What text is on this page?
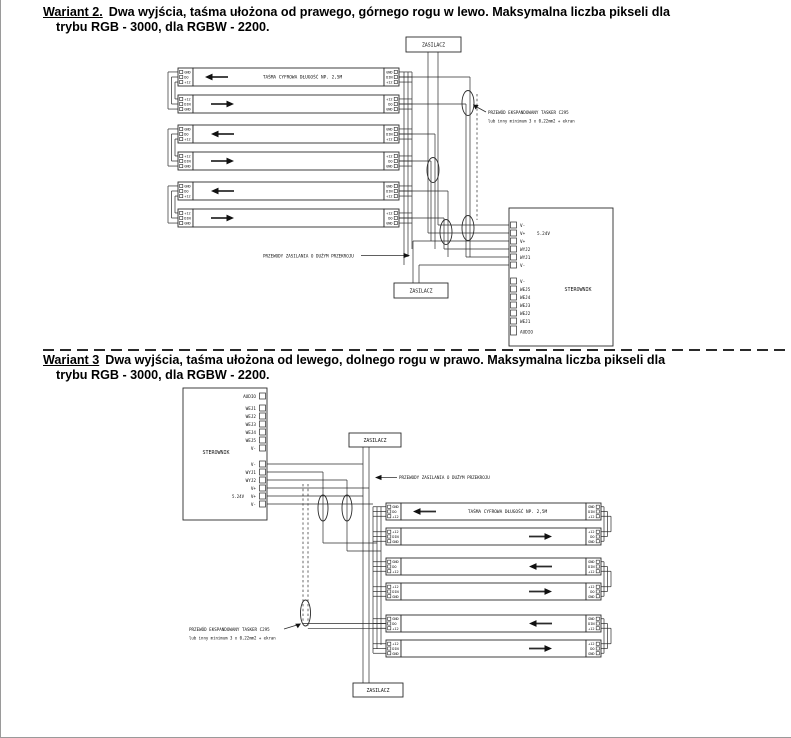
Wariant 2. Dwa wyjścia, taśma ułożona od prawego, górnego rogu w lewo. Maksymalna liczba pikseli dla
trybu RGB - 3000, dla RGBW - 2200.
PRZEWÓD EKSPANDOWANY TASKER C295
lub inny minimum 3 x 0,22mm2 + ekran
PRZEWODY ZASILANIA O DUŻYM PRZEKROJU
ZASILACZ
GND	GND
DO	DIN
+12	+12
TAŚMA CYFROWA DŁUGOŚĆ NP. 2,5M
+12	+12
DIN	DO
GND	GND
GND	GND
DO	DIN
+12	+12
+12	+12
DIN	DO
GND	GND
GND	GND
DO	DIN
+12	+12
+12	+12
DIN	DO
GND	GND
ZASILACZ	STEROWNIK
V-
V+	5.24V
V+
WYJ2
WYJ1
V-
V-
WEJ5
WEJ4
WEJ3
WEJ2
WEJ1
AUDIO
Wariant 3 Dwa wyjścia, taśma ułożona od lewego, dolnego rogu w prawo. Maksymalna liczba pikseli dla
trybu RGB - 3000, dla RGBW - 2200.
PRZEWÓD EKSPANDOWANY TASKER C295
lub inny minimum 3 x 0,22mm2 + ekran
PRZEWODY ZASILANIA O DUŻYM PRZEKROJU
ZASILACZ
GND	GND
DO	DIN
+12	+12
TAŚMA CYFROWA DŁUGOŚĆ NP. 2,5M
+12	+12
DIN	DO
GND	GND
GND	GND
DO	DIN
+12	+12
+12	+12
DIN	DO
GND	GND
GND	GND
DO	DIN
+12	+12
+12	+12
DIN	DO
GND	GND
ZASILACZ
STEROWNIK
AUDIO
WEJ1
WEJ2
WEJ3
WEJ4
WEJ5
V-
V-
WYJ1
WYJ2
V+
V+
5.24V
V-
